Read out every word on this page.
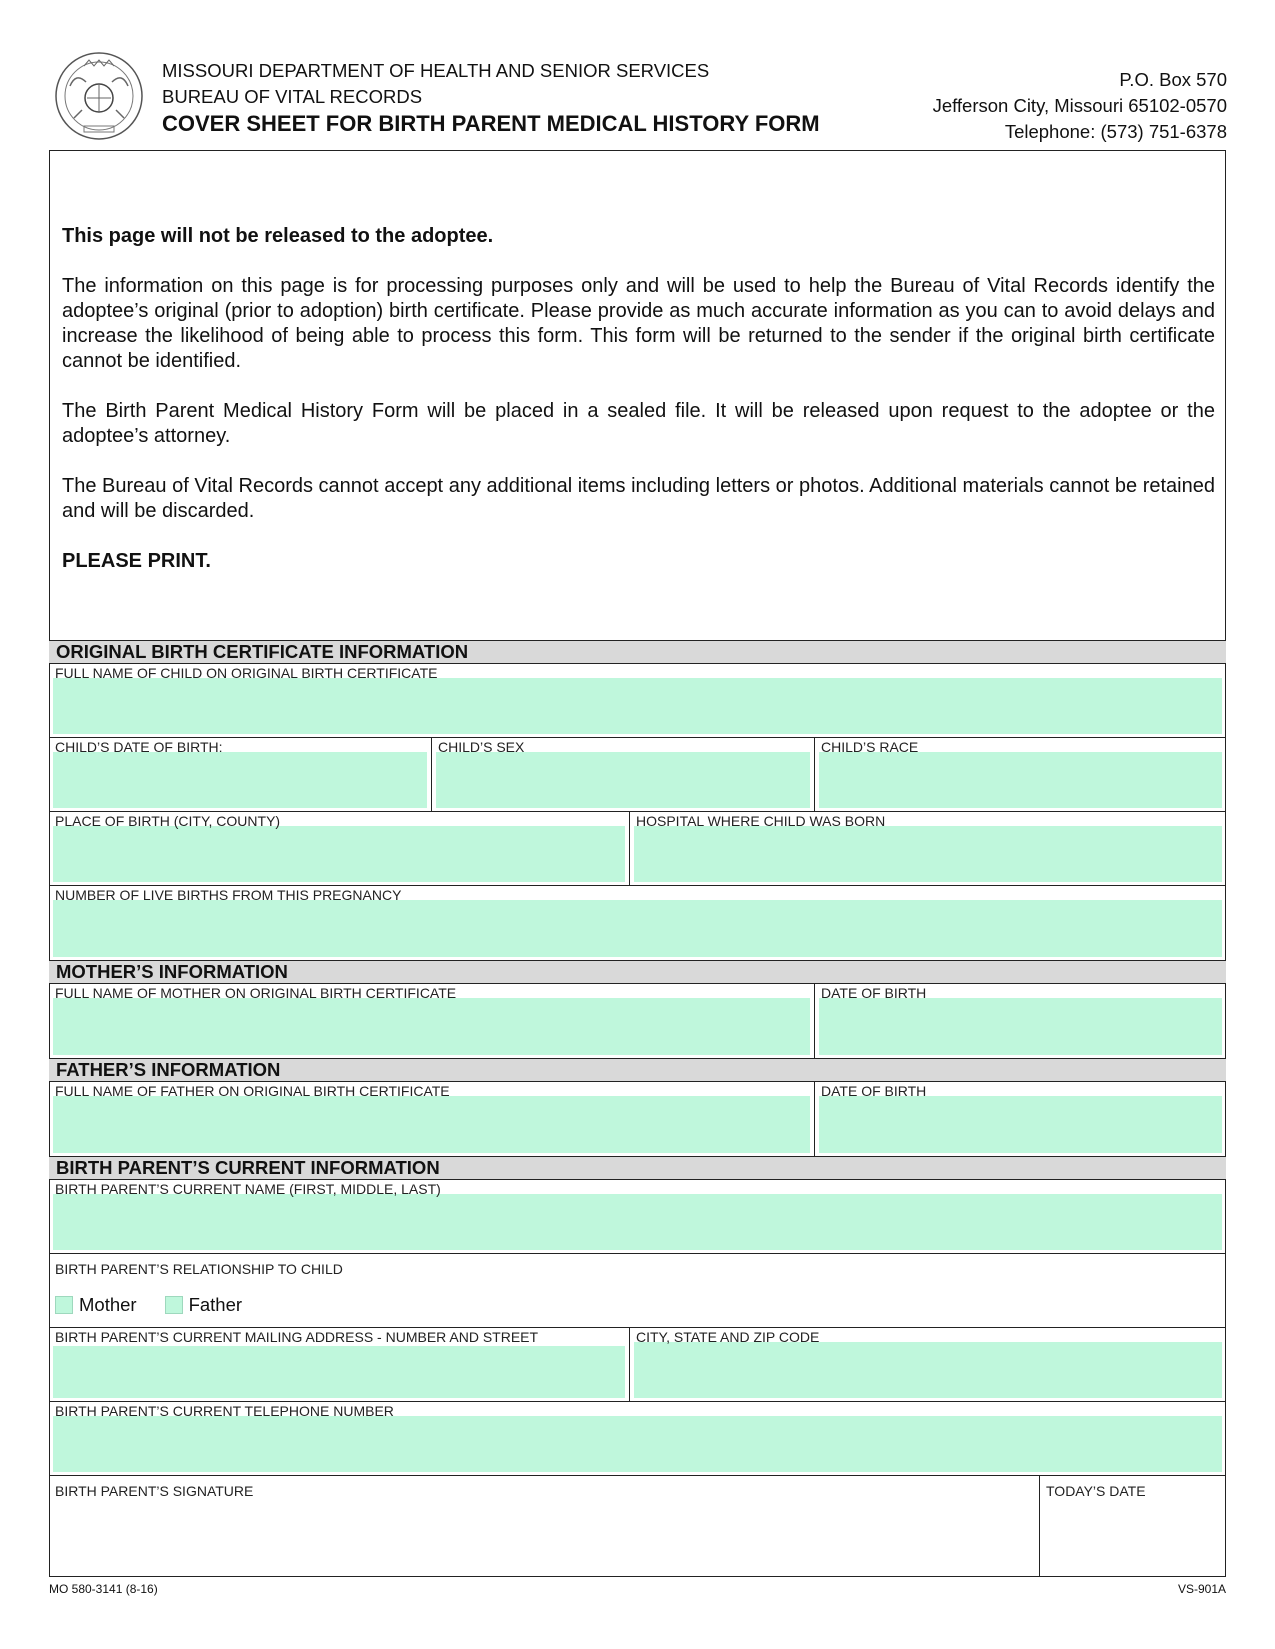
MISSOURI DEPARTMENT OF HEALTH AND SENIOR SERVICES
BUREAU OF VITAL RECORDS
COVER SHEET FOR BIRTH PARENT MEDICAL HISTORY FORM
P.O. Box 570
Jefferson City, Missouri 65102-0570
Telephone: (573) 751-6378

This page will not be released to the adoptee.

The information on this page is for processing purposes only and will be used to help the Bureau of Vital Records identify the adoptee’s original (prior to adoption) birth certificate. Please provide as much accurate information as you can to avoid delays and increase the likelihood of being able to process this form. This form will be returned to the sender if the original birth certificate cannot be identified.

The Birth Parent Medical History Form will be placed in a sealed file. It will be released upon request to the adoptee or the adoptee’s attorney.

The Bureau of Vital Records cannot accept any additional items including letters or photos. Additional materials cannot be retained and will be discarded.

PLEASE PRINT.

ORIGINAL BIRTH CERTIFICATE INFORMATION
FULL NAME OF CHILD ON ORIGINAL BIRTH CERTIFICATE
CHILD’S DATE OF BIRTH:	CHILD’S SEX	CHILD’S RACE
PLACE OF BIRTH (CITY, COUNTY)	HOSPITAL WHERE CHILD WAS BORN
NUMBER OF LIVE BIRTHS FROM THIS PREGNANCY
MOTHER’S INFORMATION
FULL NAME OF MOTHER ON ORIGINAL BIRTH CERTIFICATE	DATE OF BIRTH
FATHER’S INFORMATION
FULL NAME OF FATHER ON ORIGINAL BIRTH CERTIFICATE	DATE OF BIRTH
BIRTH PARENT’S CURRENT INFORMATION
BIRTH PARENT’S CURRENT NAME (FIRST, MIDDLE, LAST)
BIRTH PARENT’S RELATIONSHIP TO CHILD
Mother	Father
BIRTH PARENT’S CURRENT MAILING ADDRESS - NUMBER AND STREET	CITY, STATE AND ZIP CODE
BIRTH PARENT’S CURRENT TELEPHONE NUMBER
BIRTH PARENT’S SIGNATURE	TODAY’S DATE
MO 580-3141 (8-16)	VS-901A
